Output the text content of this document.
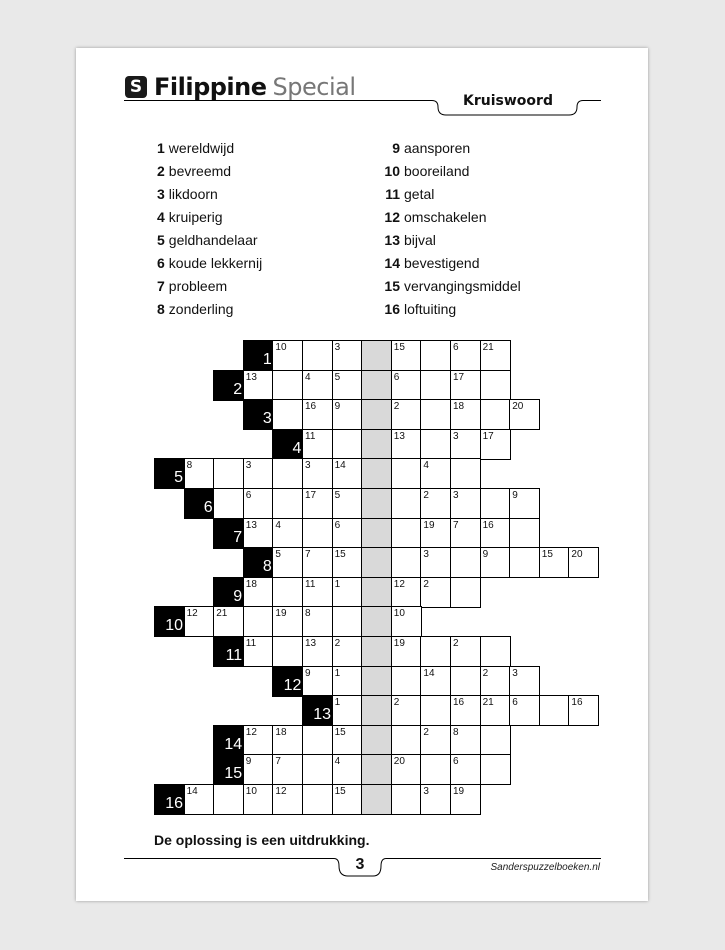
S Filippine Special	Kruiswoord
1 wereldwijd
2 bevreemd
3 likdoorn
4 kruiperig
5 geldhandelaar
6 koude lekkernij
7 probleem
8 zonderling
9 aansporen
10 booreiland
11 getal
12 omschakelen
13 bijval
14 bevestigend
15 vervangingsmiddel
16 loftuiting
1
10	3	15	6 21
2
13	4 5	6	17
3
16 9	2	18	20
4
11	13	3 17
5
8	3	3 14	4
6
6	17 5	2 3	9
7
13 4	6	19 7 16
8
5 7 15	3	9	15 20
9
18	11 1	12 2
10
12 21	19 8	10
11
11	13 2	19	2
12
9 1	14	2 3
13
1	2	16 21 6	16
14
12 18	15	2 8
15
9 7	4	20	6
16
14	10 12	15	3 19
De oplossing is een uitdrukking.
3	Sanderspuzzelboeken.nl
